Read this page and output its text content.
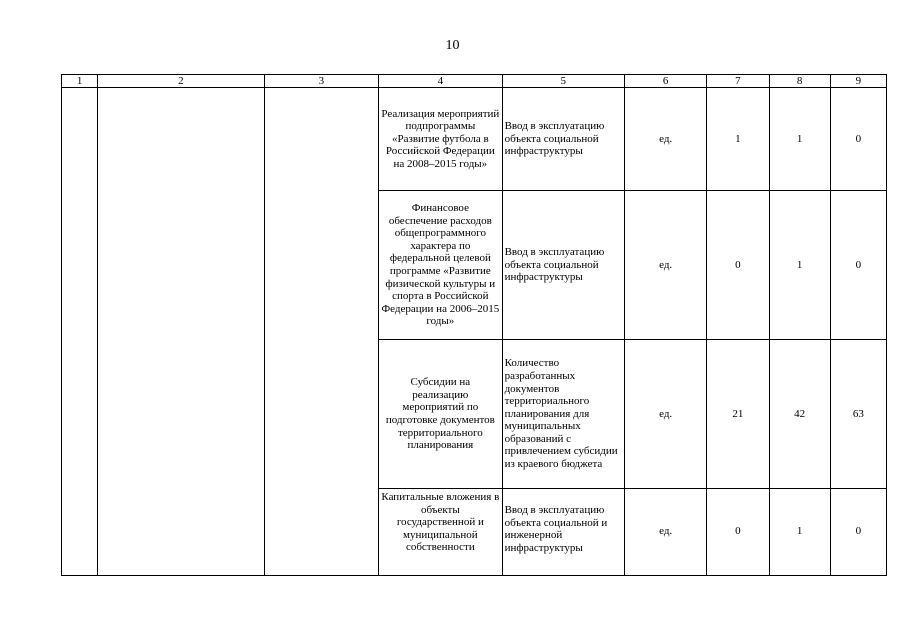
10
1	2	3	4	5	6	7	8	9
			Реализация мероприятий подпрограммы «Развитие футбола в Российской Федерации на 2008–2015 годы»	Ввод в эксплуатацию объекта социальной инфраструктуры	ед.	1	1	0
			Финансовое обеспечение расходов общепрограммного характера по федеральной целевой программе «Развитие физической культуры и спорта в Российской Федерации на 2006–2015 годы»	Ввод в эксплуатацию объекта социальной инфраструктуры	ед.	0	1	0
			Субсидии на реализацию мероприятий по подготовке документов территориального планирования	Количество разработанных документов территориального планирования для муниципальных образований с привлечением субсидии из краевого бюджета	ед.	21	42	63
			Капитальные вложения в объекты государственной и муниципальной собственности	Ввод в эксплуатацию объекта социальной и инженерной инфраструктуры	ед.	0	1	0
